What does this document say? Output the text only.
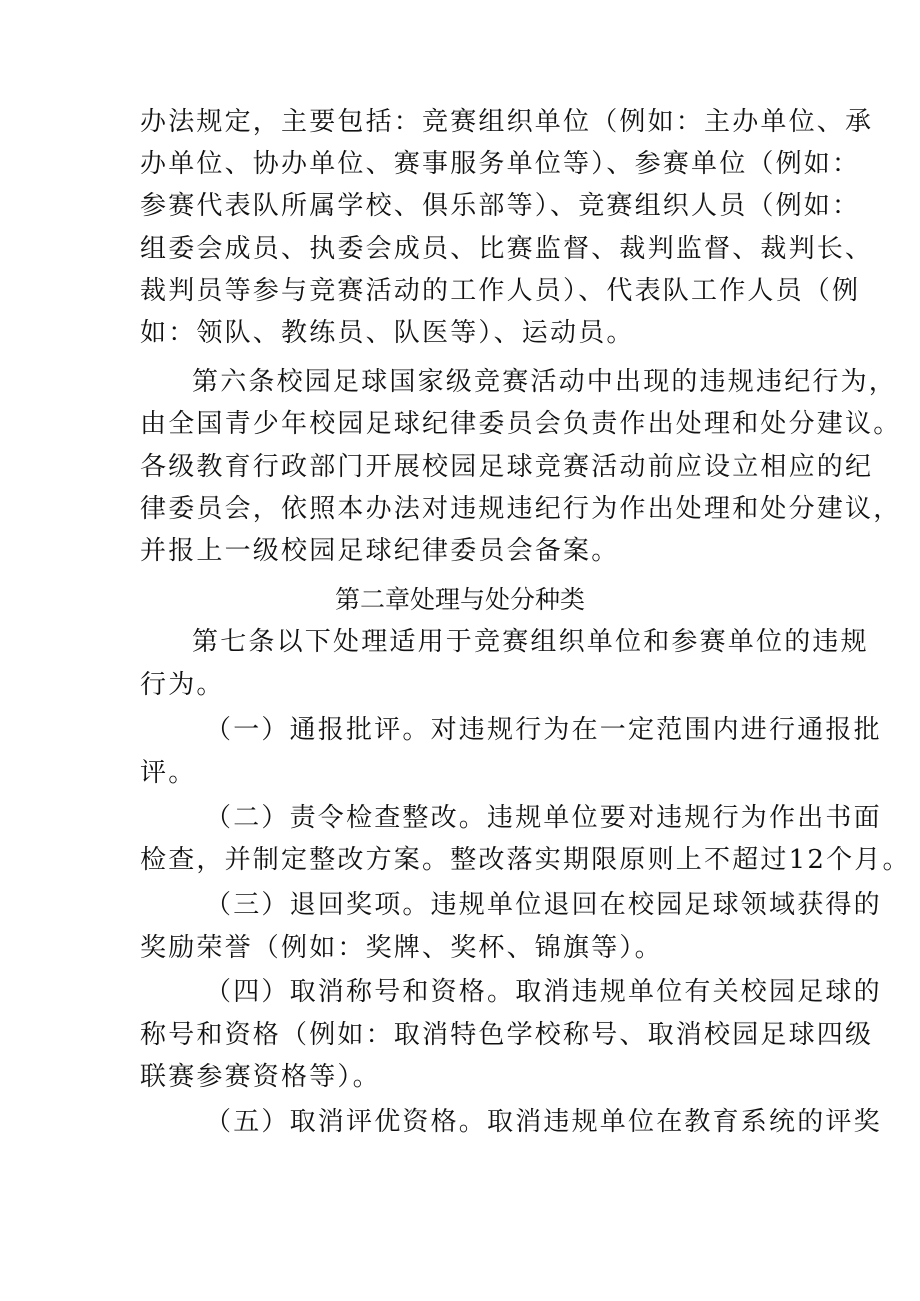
办法规定，主要包括：竞赛组织单位（例如：主办单位、承
办单位、协办单位、赛事服务单位等）、参赛单位（例如：
参赛代表队所属学校、俱乐部等）、竞赛组织人员（例如：
组委会成员、执委会成员、比赛监督、裁判监督、裁判长、
裁判员等参与竞赛活动的工作人员）、代表队工作人员（例
如：领队、教练员、队医等）、运动员。
第六条校园足球国家级竞赛活动中出现的违规违纪行为，
由全国青少年校园足球纪律委员会负责作出处理和处分建议。
各级教育行政部门开展校园足球竞赛活动前应设立相应的纪
律委员会，依照本办法对违规违纪行为作出处理和处分建议，
并报上一级校园足球纪律委员会备案。
第二章处理与处分种类
第七条以下处理适用于竞赛组织单位和参赛单位的违规
行为。
（一）通报批评。对违规行为在一定范围内进行通报批
评。
（二）责令检查整改。违规单位要对违规行为作出书面
检查，并制定整改方案。整改落实期限原则上不超过12个月。
（三）退回奖项。违规单位退回在校园足球领域获得的
奖励荣誉（例如：奖牌、奖杯、锦旗等）。
（四）取消称号和资格。取消违规单位有关校园足球的
称号和资格（例如：取消特色学校称号、取消校园足球四级
联赛参赛资格等）。
（五）取消评优资格。取消违规单位在教育系统的评奖
